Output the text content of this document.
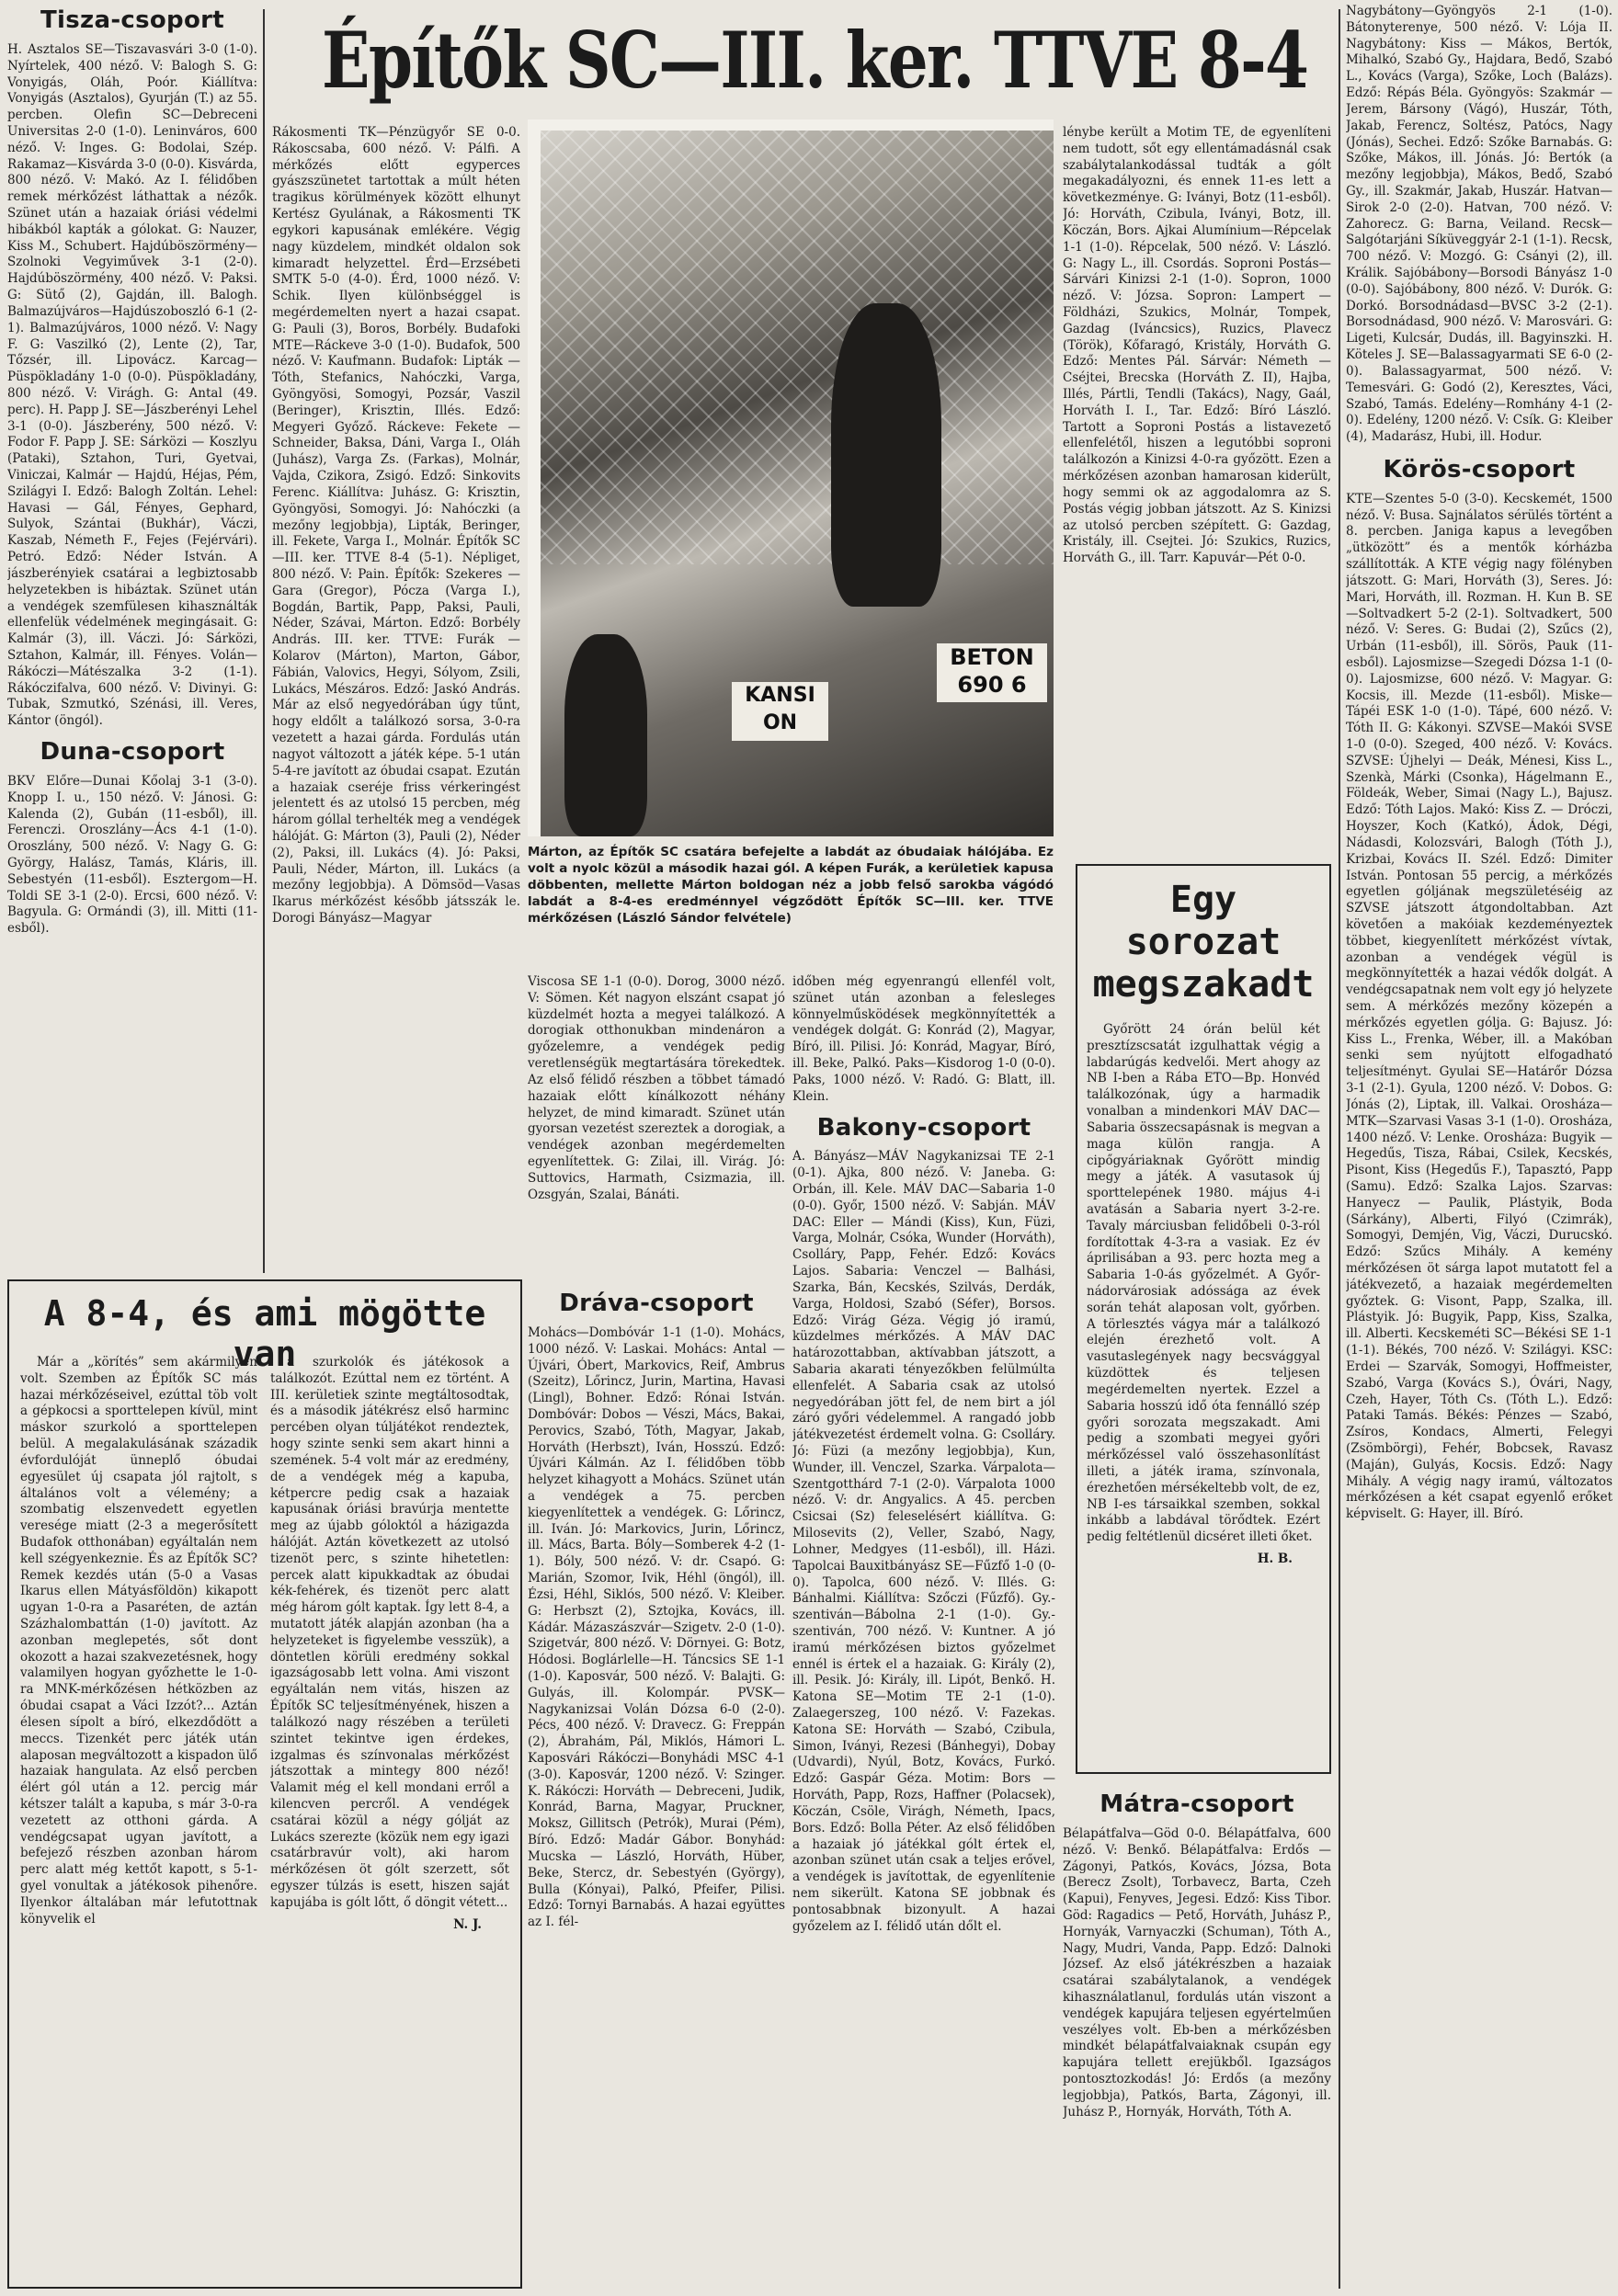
Tisza-csoport

H. Asztalos SE—Tiszavasvári 3-0 (1-0). Nyírtelek, 400 néző. V: Balogh S. G: Vonyigás, Oláh, Poór. Kiállítva: Vonyigás (Asztalos), Gyurján (T.) az 55. percben. Olefin SC—Debreceni Universitas 2-0 (1-0). Leninváros, 600 néző. V: Inges. G: Bodolai, Szép. Rakamaz—Kisvárda 3-0 (0-0). Kisvárda, 800 néző. V: Makó. Az I. félidőben remek mérkőzést láthattak a nézők. Szünet után a hazaiak óriási védelmi hibákból kapták a gólokat. G: Nauzer, Kiss M., Schubert. Hajdúböszörmény—Szolnoki Vegyiművek 3-1 (2-0). Hajdúböszörmény, 400 néző. V: Paksi. G: Sütő (2), Gajdán, ill. Balogh. Balmazújváros—Hajdúszoboszló 6-1 (2-1). Balmazújváros, 1000 néző. V: Nagy F. G: Vaszilkó (2), Lente (2), Tar, Tőzsér, ill. Lipovácz. Karcag—Püspökladány 1-0 (0-0). Püspökladány, 800 néző. V: Virágh. G: Antal (49. perc). H. Papp J. SE—Jászberényi Lehel 3-1 (0-0). Jászberény, 500 néző. V: Fodor F. Papp J. SE: Sárközi — Koszlyu (Pataki), Sztahon, Turi, Gyetvai, Viniczai, Kalmár — Hajdú, Héjas, Pém, Szilágyi I. Edző: Balogh Zoltán. Lehel: Havasi — Gál, Fényes, Gephard, Sulyok, Szántai (Bukhár), Váczi, Kaszab, Németh F., Fejes (Fejérvári). Petró. Edző: Néder István. A jászberényiek csatárai a legbiztosabb helyzetekben is hibáztak. Szünet után a vendégek szemfülesen kihasználták ellenfelük védelmének megingásait. G: Kalmár (3), ill. Váczi. Jó: Sárközi, Sztahon, Kalmár, ill. Fényes. Volán—Rákóczi—Mátészalka 3-2 (1-1). Rákóczifalva, 600 néző. V: Divinyi. G: Tubak, Szmutkó, Szénási, ill. Veres, Kántor (öngól).

Duna-csoport

BKV Előre—Dunai Kőolaj 3-1 (3-0). Knopp I. u., 150 néző. V: Jánosi. G: Kalenda (2), Gubán (11-esből), ill. Ferenczi. Oroszlány—Ács 4-1 (1-0). Oroszlány, 500 néző. V: Nagy G. G: György, Halász, Tamás, Kláris, ill. Sebestyén (11-esből). Esztergom—H. Toldi SE 3-1 (2-0). Ercsi, 600 néző. V: Bagyula. G: Ormándi (3), ill. Mitti (11-esből).

Építők SC—III. ker. TTVE 8-4

Rákosmenti TK—Pénzügyőr SE 0-0. Rákoscsaba, 600 néző. V: Pálfi. A mérkőzés előtt egyperces gyászszünetet tartottak a múlt héten tragikus körülmények között elhunyt Kertész Gyulának, a Rákosmenti TK egykori kapusának emlékére. Végig nagy küzdelem, mindkét oldalon sok kimaradt helyzettel. Érd—Erzsébeti SMTK 5-0 (4-0). Érd, 1000 néző. V: Schik. Ilyen különbséggel is megérdemelten nyert a hazai csapat. G: Pauli (3), Boros, Borbély. Budafoki MTE—Ráckeve 3-0 (1-0). Budafok, 500 néző. V: Kaufmann. Budafok: Lipták — Tóth, Stefanics, Nahóczki, Varga, Gyöngyösi, Somogyi, Pozsár, Vaszil (Beringer), Krisztin, Illés. Edző: Megyeri Győző. Ráckeve: Fekete — Schneider, Baksa, Dáni, Varga I., Oláh (Juhász), Varga Zs. (Farkas), Molnár, Vajda, Czikora, Zsigó. Edző: Sinkovits Ferenc. Kiállítva: Juhász. G: Krisztin, Gyöngyösi, Somogyi. Jó: Nahóczki (a mezőny legjobbja), Lipták, Beringer, ill. Fekete, Varga I., Molnár. Építők SC—III. ker. TTVE 8-4 (5-1). Népliget, 800 néző. V: Pain. Építők: Szekeres — Gara (Gregor), Pócza (Varga I.), Bogdán, Bartik, Papp, Paksi, Pauli, Néder, Szávai, Márton. Edző: Borbély András. III. ker. TTVE: Furák — Kolarov (Márton), Marton, Gábor, Fábián, Valovics, Hegyi, Sólyom, Zsili, Lukács, Mészáros. Edző: Jaskó András. Már az első negyedórában úgy tűnt, hogy eldőlt a találkozó sorsa, 3-0-ra vezetett a hazai gárda. Fordulás után nagyot változott a játék képe. 5-1 után 5-4-re javított az óbudai csapat. Ezután a hazaiak cseréje friss vérkeringést jelentett és az utolsó 15 percben, még három góllal terhelték meg a vendégek hálóját. G: Márton (3), Pauli (2), Néder (2), Paksi, ill. Lukács (4). Jó: Paksi, Pauli, Néder, Márton, ill. Lukács (a mezőny legjobbja). A Dömsöd—Vasas Ikarus mérkőzést később játsszák le. Dorogi Bányász—Magyar

KANSI
ON
BETON
690 6
Márton, az Építők SC csatára befejelte a labdát az óbudaiak hálójába. Ez volt a nyolc közül a második hazai gól. A képen Furák, a kerületiek kapusa döbbenten, mellette Márton boldogan néz a jobb felső sarokba vágódó labdát a 8-4-es eredménnyel végződött Építők SC—III. ker. TTVE mérkőzésen (László Sándor felvétele)

lénybe került a Motim TE, de egyenlíteni nem tudott, sőt egy ellentámadásnál csak szabálytalankodással tudták a gólt megakadályozni, és ennek 11-es lett a következménye. G: Iványi, Botz (11-esből). Jó: Horváth, Czibula, Iványi, Botz, ill. Köczán, Bors. Ajkai Alumínium—Répcelak 1-1 (1-0). Répcelak, 500 néző. V: László. G: Nagy L., ill. Csordás. Soproni Postás—Sárvári Kinizsi 2-1 (1-0). Sopron, 1000 néző. V: Józsa. Sopron: Lampert — Földházi, Szukics, Molnár, Tompek, Gazdag (Iváncsics), Ruzics, Plavecz (Török), Kőfaragó, Kristály, Horváth G. Edző: Mentes Pál. Sárvár: Németh —Cséjtei, Brecska (Horváth Z. II), Hajba, Illés, Pártli, Tendli (Takács), Nagy, Gaál, Horváth I. I., Tar. Edző: Bíró László. Tartott a Soproni Postás a listavezető ellenfelétől, hiszen a legutóbbi soproni találkozón a Kinizsi 4-0-ra győzött. Ezen a mérkőzésen azonban hamarosan kiderült, hogy semmi ok az aggodalomra az S. Postás végig jobban játszott. Az S. Kinizsi az utolsó percben szépített. G: Gazdag, Kristály, ill. Csejtei. Jó: Szukics, Ruzics, Horváth G., ill. Tarr. Kapuvár—Pét 0-0.

Nagybátony—Gyöngyös 2-1 (1-0). Bátonyterenye, 500 néző. V: Lója II. Nagybátony: Kiss — Mákos, Bertók, Mihalkó, Szabó Gy., Hajdara, Bedő, Szabó L., Kovács (Varga), Szőke, Loch (Balázs). Edző: Répás Béla. Gyöngyös: Szakmár — Jerem, Bársony (Vágó), Huszár, Tóth, Jakab, Ferencz, Soltész, Patócs, Nagy (Jónás), Sechei. Edző: Szőke Barnabás. G: Szőke, Mákos, ill. Jónás. Jó: Bertók (a mezőny legjobbja), Mákos, Bedő, Szabó Gy., ill. Szakmár, Jakab, Huszár. Hatvan—Sirok 2-0 (2-0). Hatvan, 700 néző. V: Zahorecz. G: Barna, Veiland. Recsk—Salgótarjáni Síküveggyár 2-1 (1-1). Recsk, 700 néző. V: Mozgó. G: Csányi (2), ill. Králik. Sajóbábony—Borsodi Bányász 1-0 (0-0). Sajóbábony, 800 néző. V: Durók. G: Dorkó. Borsodnádasd—BVSC 3-2 (2-1). Borsodnádasd, 900 néző. V: Marosvári. G: Ligeti, Kulcsár, Dudás, ill. Bagyinszki. H. Köteles J. SE—Balassagyarmati SE 6-0 (2-0). Balassagyarmat, 500 néző. V: Temesvári. G: Godó (2), Keresztes, Váci, Szabó, Tamás. Edelény—Romhány 4-1 (2-0). Edelény, 1200 néző. V: Csík. G: Kleiber (4), Madarász, Hubi, ill. Hodur.

Körös-csoport

KTE—Szentes 5-0 (3-0). Kecskemét, 1500 néző. V: Busa. Sajnálatos sérülés történt a 8. percben. Janiga kapus a levegőben „ütközött” és a mentők kórházba szállították. A KTE végig nagy fölényben játszott. G: Mari, Horváth (3), Seres. Jó: Mari, Horváth, ill. Rozman. H. Kun B. SE—Soltvadkert 5-2 (2-1). Soltvadkert, 500 néző. V: Seres. G: Budai (2), Szűcs (2), Urbán (11-esből), ill. Sörös, Pauk (11-esből). Lajosmizse—Szegedi Dózsa 1-1 (0-0). Lajosmizse, 600 néző. V: Magyar. G: Kocsis, ill. Mezde (11-esből). Miske—Tápéi ESK 1-0 (1-0). Tápé, 600 néző. V: Tóth II. G: Kákonyi. SZVSE—Makói SVSE 1-0 (0-0). Szeged, 400 néző. V: Kovács. SZVSE: Újhelyi — Deák, Ménesi, Kiss L., Szenkà, Márki (Csonka), Hágelmann E., Földeák, Weber, Simai (Nagy L.), Bajusz. Edző: Tóth Lajos. Makó: Kiss Z. — Dróczi, Hoyszer, Koch (Katkó), Ádok, Dégi, Nádasdi, Kolozsvári, Balogh (Tóth J.), Krizbai, Kovács II. Szél. Edző: Dimiter István. Pontosan 55 percig, a mérkőzés egyetlen góljának megszületéséig az SZVSE játszott átgondoltabban. Azt követően a makóiak kezdeményeztek többet, kiegyenlített mérkőzést vívtak, azonban a vendégek végül is megkönnyítették a hazai védők dolgát. A vendégcsapatnak nem volt egy jó helyzete sem. A mérkőzés mezőny közepén a mérkőzés egyetlen gólja. G: Bajusz. Jó: Kiss L., Frenka, Wéber, ill. a Makóban senki sem nyújtott elfogadható teljesítményt. Gyulai SE—Határőr Dózsa 3-1 (2-1). Gyula, 1200 néző. V: Dobos. G: Jónás (2), Liptak, ill. Valkai. Orosháza—MTK—Szarvasi Vasas 3-1 (1-0). Orosháza, 1400 néző. V: Lenke. Orosháza: Bugyik — Hegedűs, Tisza, Rábai, Csilek, Kecskés, Pisont, Kiss (Hegedűs F.), Tapasztó, Papp (Samu). Edző: Szalka Lajos. Szarvas: Hanyecz — Paulik, Plástyik, Boda (Sárkány), Alberti, Filyó (Czimrák), Somogyi, Demjén, Vig, Váczi, Durucskó. Edző: Szűcs Mihály. A kemény mérkőzésen öt sárga lapot mutatott fel a játékvezető, a hazaiak megérdemelten győztek. G: Visont, Papp, Szalka, ill. Plástyik. Jó: Bugyik, Papp, Kiss, Szalka, ill. Alberti. Kecskeméti SC—Békési SE 1-1 (1-1). Békés, 700 néző. V: Szilágyi. KSC: Erdei — Szarvák, Somogyi, Hoffmeister, Szabó, Varga (Kovács S.), Óvári, Nagy, Czeh, Hayer, Tóth Cs. (Tóth L.). Edző: Pataki Tamás. Békés: Pénzes — Szabó, Zsíros, Kondacs, Almerti, Felegyi (Zsömbörgi), Fehér, Bobcsek, Ravasz (Maján), Gulyás, Kocsis. Edző: Nagy Mihály. A végig nagy iramú, változatos mérkőzésen a két csapat egyenlő erőket képviselt. G: Hayer, ill. Bíró.

Viscosa SE 1-1 (0-0). Dorog, 3000 néző. V: Sömen. Két nagyon elszánt csapat jó küzdelmét hozta a megyei találkozó. A dorogiak otthonukban mindenáron a győzelemre, a vendégek pedig veretlenségük megtartására törekedtek. Az első félidő részben a többet támadó hazaiak előtt kínálkozott néhány helyzet, de mind kimaradt. Szünet után gyorsan vezetést szereztek a dorogiak, a vendégek azonban megérdemelten egyenlítettek. G: Zilai, ill. Virág. Jó: Suttovics, Harmath, Csizmazia, ill. Ozsgyán, Szalai, Bánáti.

időben még egyenrangú ellenfél volt, szünet után azonban a felesleges könnyelműsködések megkönnyítették a vendégek dolgát. G: Konrád (2), Magyar, Bíró, ill. Pilisi. Jó: Konrád, Magyar, Bíró, ill. Beke, Palkó. Paks—Kisdorog 1-0 (0-0). Paks, 1000 néző. V: Radó. G: Blatt, ill. Klein.

Bakony-csoport

A. Bányász—MÁV Nagykanizsai TE 2-1 (0-1). Ajka, 800 néző. V: Janeba. G: Orbán, ill. Kele. MÁV DAC—Sabaria 1-0 (0-0). Győr, 1500 néző. V: Sabján. MÁV DAC: Eller — Mándi (Kiss), Kun, Füzi, Varga, Molnár, Csóka, Wunder (Horváth), Csolláry, Papp, Fehér. Edző: Kovács Lajos. Sabaria: Venczel — Balhási, Szarka, Bán, Kecskés, Szilvás, Derdák, Varga, Holdosi, Szabó (Séfer), Borsos. Edző: Virág Géza. Végig jó iramú, küzdelmes mérkőzés. A MÁV DAC határozottabban, aktívabban játszott, a Sabaria akarati tényezőkben felülmúlta ellenfelét. A Sabaria csak az utolsó negyedórában jött fel, de nem birt a jól záró győri védelemmel. A rangadó jobb játékvezetést érdemelt volna. G: Csolláry. Jó: Füzi (a mezőny legjobbja), Kun, Wunder, ill. Venczel, Szarka. Várpalota—Szentgotthárd 7-1 (2-0). Várpalota 1000 néző. V: dr. Angyalics. A 45. percben Csicsai (Sz) feleselésért kiállítva. G: Milosevits (2), Veller, Szabó, Nagy, Lohner, Medgyes (11-esből), ill. Házi. Tapolcai Bauxitbányász SE—Fűzfő 1-0 (0-0). Tapolca, 600 néző. V: Illés. G: Bánhalmi. Kiállítva: Szőczi (Fűzfő). Gy.-szentiván—Bábolna 2-1 (1-0). Gy.-szentiván, 700 néző. V: Kuntner. A jó iramú mérkőzésen biztos győzelmet ennél is értek el a hazaiak. G: Király (2), ill. Pesik. Jó: Király, ill. Lipót, Benkő. H. Katona SE—Motim TE 2-1 (1-0). Zalaegerszeg, 100 néző. V: Fazekas. Katona SE: Horváth — Szabó, Czibula, Simon, Iványi, Rezesi (Bánhegyi), Dobay (Udvardi), Nyúl, Botz, Kovács, Furkó. Edző: Gaspár Géza. Motim: Bors — Horváth, Papp, Rozs, Haffner (Polacsek), Köczán, Csöle, Virágh, Németh, Ipacs, Bors. Edző: Bolla Péter. Az első félidőben a hazaiak jó játékkal gólt értek el, azonban szünet után csak a teljes erővel, a vendégek is javítottak, de egyenlítenie nem sikerült. Katona SE jobbnak és pontosabbnak bizonyult. A hazai győzelem az I. félidő után dőlt el.

Dráva-csoport

Mohács—Dombóvár 1-1 (1-0). Mohács, 1000 néző. V: Laskai. Mohács: Antal — Újvári, Óbert, Markovics, Reif, Ambrus (Szeitz), Lőrincz, Jurin, Martina, Havasi (Lingl), Bohner. Edző: Rónai István. Dombóvár: Dobos — Vészi, Mács, Bakai, Perovics, Szabó, Tóth, Magyar, Jakab, Horváth (Herbszt), Iván, Hosszú. Edző: Újvári Kálmán. Az I. félidőben több helyzet kihagyott a Mohács. Szünet után a vendégek a 75. percben kiegyenlítettek a vendégek. G: Lőrincz, ill. Iván. Jó: Markovics, Jurin, Lőrincz, ill. Mács, Barta. Bóly—Somberek 4-2 (1-1). Bóly, 500 néző. V: dr. Csapó. G: Marián, Szomor, Ivik, Héhl (öngól), ill. Ézsi, Héhl, Siklós, 500 néző. V: Kleiber. G: Herbszt (2), Sztojka, Kovács, ill. Kádár. Mázaszászvár—Szigetv. 2-0 (1-0). Szigetvár, 800 néző. V: Dörnyei. G: Botz, Hódosi. Boglárlelle—H. Táncsics SE 1-1 (1-0). Kaposvár, 500 néző. V: Balajti. G: Gulyás, ill. Kolompár. PVSK—Nagykanizsai Volán Dózsa 6-0 (2-0). Pécs, 400 néző. V: Dravecz. G: Freppán (2), Ábrahám, Pál, Miklós, Hámori L. Kaposvári Rákóczi—Bonyhádi MSC 4-1 (3-0). Kaposvár, 1200 néző. V: Szinger. K. Rákóczi: Horváth — Debreceni, Judik, Konrád, Barna, Magyar, Pruckner, Moksz, Gillitsch (Petrók), Murai (Pém), Bíró. Edző: Madár Gábor. Bonyhád: Mucska — László, Horváth, Hüber, Beke, Stercz, dr. Sebestyén (György), Bulla (Kónyai), Palkó, Pfeifer, Pilisi. Edző: Tornyi Barnabás. A hazai együttes az I. fél-

Egy sorozat megszakadt

Győrött 24 órán belül két presztízscsatát izgulhattak végig a labdarúgás kedvelői. Mert ahogy az NB I-ben a Rába ETO—Bp. Honvéd találkozónak, úgy a harmadik vonalban a mindenkori MÁV DAC—Sabaria összecsapásnak is megvan a maga külön rangja. A cipőgyáriaknak Győrött mindig megy a játék. A vasutasok új sporttelepének 1980. május 4-i avatásán a Sabaria nyert 3-2-re. Tavaly márciusban felidőbeli 0-3-ról fordítottak 4-3-ra a vasiak. Ez év áprilisában a 93. perc hozta meg a Sabaria 1-0-ás győzelmét. A Győr-nádorvárosiak adóssága az évek során tehát alaposan volt, győrben. A törlesztés vágya már a találkozó elején érezhető volt. A vasutaslegények nagy becsvággyal küzdöttek és teljesen megérdemelten nyertek. Ezzel a Sabaria hosszú idő óta fennálló szép győri sorozata megszakadt. Ami pedig a szombati megyei győri mérkőzéssel való összehasonlítást illeti, a játék irama, színvonala, érezhetően mérsékeltebb volt, de ez, NB I-es társaikkal szemben, sokkal inkább a labdával törődtek. Ezért pedig feltétlenül dicséret illeti őket.

H. B.

Mátra-csoport

Bélapátfalva—Göd 0-0. Bélapátfalva, 600 néző. V: Benkő. Bélapátfalva: Erdős — Zágonyi, Patkós, Kovács, Józsa, Bota (Berecz Zsolt), Torbavecz, Barta, Czeh (Kapui), Fenyves, Jegesi. Edző: Kiss Tibor. Göd: Ragadics — Pető, Horváth, Juhász P., Hornyák, Varnyaczki (Schuman), Tóth A., Nagy, Mudri, Vanda, Papp. Edző: Dalnoki József. Az első játékrészben a hazaiak csatárai szabálytalanok, a vendégek kihasználatlanul, fordulás után viszont a vendégek kapujára teljesen egyértelműen veszélyes volt. Eb-ben a mérkőzésben mindkét bélapátfalvaiaknak csupán egy kapujára tellett erejükből. Igazságos pontosztozkodás! Jó: Erdős (a mezőny legjobbja), Patkós, Barta, Zágonyi, ill. Juhász P., Hornyák, Horváth, Tóth A.

A 8-4, és ami mögötte van

Már a „körítés” sem akármilyen volt. Szemben az Építők SC más hazai mérkőzéseivel, ezúttal töb volt a gépkocsi a sporttelepen kívül, mint máskor szurkoló a sporttelepen belül. A megalakulásának századik évfordulóját ünneplő óbudai egyesület új csapata jól rajtolt, s általános volt a vélemény; a szombatig elszenvedett egyetlen veresége miatt (2-3 a megerősített Budafok otthonában) egyáltalán nem kell szégyenkeznie. És az Építők SC? Remek kezdés után (5-0 a Vasas Ikarus ellen Mátyásföldön) kikapott ugyan 1-0-ra a Pasaréten, de aztán Százhalombattán (1-0) javított. Az azonban meglepetés, sőt dont okozott a hazai szakvezetésnek, hogy valamilyen hogyan győzhette le 1-0-ra MNK-mérkőzésen hétközben az óbudai csapat a Váci Izzót?... Aztán élesen sípolt a bíró, elkezdődött a meccs. Tizenkét perc játék után alaposan megváltozott a kispadon ülő hazaiak hangulata. Az első percben élért gól után a 12. percig már kétszer talált a kapuba, s már 3-0-ra vezetett az otthoni gárda. A vendégcsapat ugyan javított, a befejező részben azonban három perc alatt még kettőt kapott, s 5-1-gyel vonultak a játékosok pihenőre. Ilyenkor általában már lefutottnak könyvelik el

a szurkolók és játékosok a találkozót. Ezúttal nem ez történt. A III. kerületiek szinte megtáltosodtak, és a második játékrész első harminc percében olyan túljátékot rendeztek, hogy szinte senki sem akart hinni a szemének. 5-4 volt már az eredmény, de a vendégek még a kapuba, kétpercre pedig csak a hazaiak kapusának óriási bravúrja mentette meg az újabb góloktól a házigazda hálóját. Aztán következett az utolsó tizenöt perc, s szinte hihetetlen: percek alatt kipukkadtak az óbudai kék-fehérek, és tizenöt perc alatt még három gólt kaptak. Így lett 8-4, a mutatott játék alapján azonban (ha a helyzeteket is figyelembe vesszük), a döntetlen körüli eredmény sokkal igazságosabb lett volna. Ami viszont egyáltalán nem vitás, hiszen az Építők SC teljesítményének, hiszen a találkozó nagy részében a területi szintet tekintve igen érdekes, izgalmas és színvonalas mérkőzést játszottak a mintegy 800 néző! Valamit még el kell mondani erről a kilencven percről. A vendégek csatárai közül a négy gólját az Lukács szerezte (közük nem egy igazi csatárbravúr volt), aki harom mérkőzésen öt gólt szerzett, sőt egyszer túlzás is esett, hiszen saját kapujába is gólt lőtt, ő döngit vétett...

N. J.
